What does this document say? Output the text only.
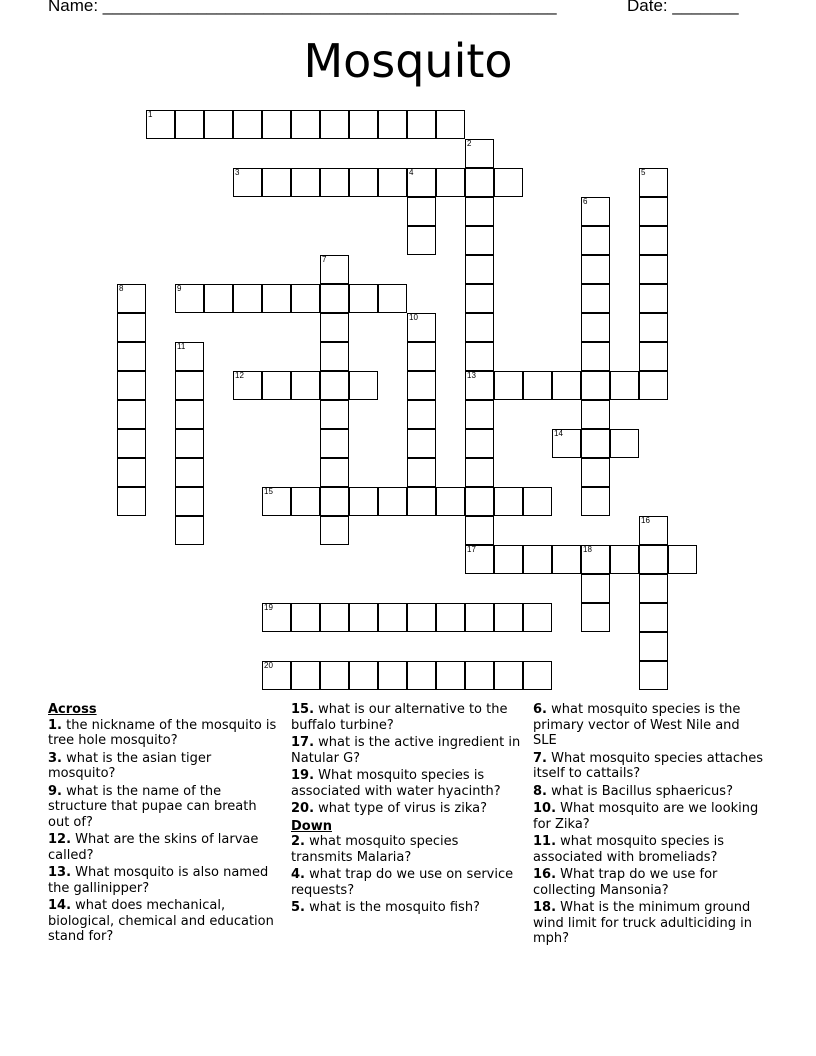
Name: ________________________________________________	Date: _______
Mosquito
1
3	4
9
12	13
14
15
17	18
19
20
2
5
6
7
8
10
11
16
Across
1. the nickname of the mosquito is tree hole mosquito?
3. what is the asian tiger mosquito?
9. what is the name of the structure that pupae can breath out of?
12. What are the skins of larvae called?
13. What mosquito is also named the gallinipper?
14. what does mechanical, biological, chemical and education stand for?
15. what is our alternative to the buffalo turbine?
17. what is the active ingredient in Natular G?
19. What mosquito species is associated with water hyacinth?
20. what type of virus is zika?
Down
2. what mosquito species transmits Malaria?
4. what trap do we use on service requests?
5. what is the mosquito fish?
6. what mosquito species is the primary vector of West Nile and SLE
7. What mosquito species attaches itself to cattails?
8. what is Bacillus sphaericus?
10. What mosquito are we looking for Zika?
11. what mosquito species is associated with bromeliads?
16. What trap do we use for collecting Mansonia?
18. What is the minimum ground wind limit for truck adulticiding in mph?
